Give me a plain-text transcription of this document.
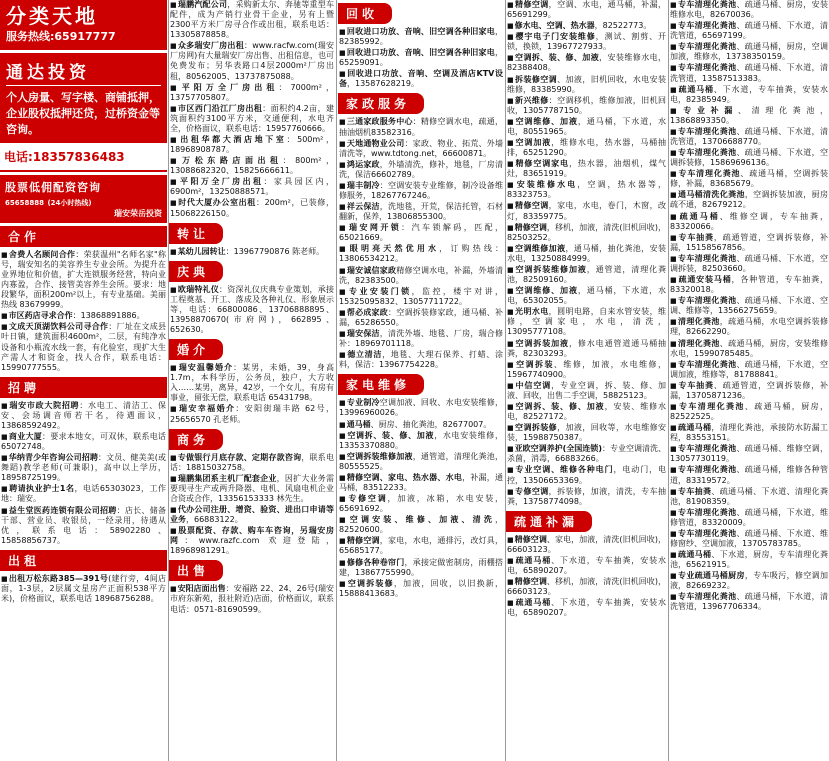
分类天地
服务热线:65917777
通达投资
个人房量、写字楼、商铺抵押，企业股权抵押还贷，过桥资金等咨询。
电话:18357836483
股票低佣配资咨询
65658888 (24小时热线)
瑞安荣岳投资
合作
■ 舍费人名顾问合作：荣获温州"名师名家"称号，瑞安知名的美容养生专业会所。为提升在业界地位和价值，扩大连锁服务经营，特向业内寡盈，合作、接管美容养生会所。要求：地段繁华，面积200m²以上，有专业基础。美丽热线 83679999。
■ 市区药店寻求合作：13868891886。
■ 文成天顶湖饮料公司寻合作：厂址在文成县叶日镇，建筑面积4600m²，二层，有纯净水设备和小瓶流水线一套，有化验室，现扩大生产需人才和资金，找人合作，联系电话：15990777555。
招聘
■ 瑞安市政大院招聘：水电工、清洁工、保安、会场调音师若干名，待遇面议，13868592492。
■ 商业大厦：要求本地女，可双休，联系电话 65072748。
■ 华纳青少年咨询公司招聘：文员、健美美(或舞蹈)教学老师(可兼职)，高中以上学历，18958725199。
■ 聘请执业护士1名，电话65303023，工作地：瑞安。
■ 益生堂医药连锁有限公司招聘：店长、储备干部、营业员、收银员，一经录用，待遇从优，联系电话：58902280、15858856737。
出租
■ 出租万松东路385—391号(建行旁，4间店面，1-3层，2层属文星房产正面积538平方米)，价格面议，联系电话 18968756288。
■ 瑞鹏汽配公司，采购新太尔、奔驰等重型车配件，成为产销行业骨干企业，另有上暨2300平方米厂房寻合作或出租，联系电话：13305878858。
■ 众多瑞安厂房出租：www.racfw.com(瑞安厂房网)有大量瑞安厂房出售、出租信息，也可免费发布；另华表路口4层2000m²厂房出租，80562005、13737875088。
■ 平阳万全厂房出租：7000m²，13757705807。
■ 市区西门沿江厂房出租：面积约4.2亩，建筑面积约3100平方米，交通便利，水电齐全，价格面议，联系电话：15957760666。
■ 出租华都大酒店地下室：500m²，18968908787。
■ 万松东路店面出租：800m²，13088682320、15825666611。
■ 平阳万全厂房出租：家具园区内，6900m²，13250888571。
■ 时代大厦办公室出租：200m²，已装修，15068226150。
转让
■ 某幼儿园转让：13967790876 陈老师。
庆典
■ 欧瑞特礼仪：资深礼仪庆典专业策划，承接工程奠基、开工、落成及各种礼仪、形象展示等，电话：66800086、13706888895、13958870670(市府网)，662895、652630。
婚介
■ 瑞安温馨婚介：某男，未婚，39，身高1.7m，本科学历，公务员，独户，大方收入……某男，离异，42岁，一个女儿，有房有事业，留张无偿，联系电话 65431798。
■ 瑞安幸福婚介：安阳街瑞丰路 62号，25656570 孔老师。
商务
■ 专做银行月底存款、定期存款咨询，联系电话：18815032758。
■ 瑞鹏集团系主机厂配套企业，因扩大业务需要现寻生产或两升降器、电机、风扇电机企业合资或合作，13356153333 林先生。
■ 代办公司注册、增资、验资、进出口申请等业务，66883122。
■ 股票配资、存款、购车车咨询，另瑞安房网：www.razfc.com 欢迎登陆，18968981291。
出售
■ 安阳店面出售：安福路 22、24、26号(瑞安市府东新苑，报社附近)店面，价格面议，联系电话：0571-81690599。
回收
■ 回收进口功放、音响、旧空调各种旧家电，82385992。
■ 回收进口功放、音响、旧空调各种旧家电，65259091。
■ 回收进口功放、音响、空调及酒店KTV设备，13587628219。
家政服务
■ 三通家政服务中心：精修空调水电，疏通，抽油烟机83582316。
■ 天地通物业公司：家政、物业、拓荒、外墙清洗等，www.tdtong.net，66600871。
■ 鸿运家政，外墙清洗，修补，地毯，厂房清洗，保洁66602789。
■ 瑞丰制冷：空调安装专业维修，制冷设备维修服务，18267767246。
■ 祥云保洁，洗地毯，开荒，保洁托管，石材翻新，保养，13806855300。
■ 瑞安网开锁：汽车锁解码，匹配，65021669。
■ 眼明亮天然优用水，订购热线：13806534212。
■ 瑞安诚信家政精修空调水电，补漏，外墙清洗，82383500。
■ 专业安装门锁，监控，楼宇对讲，15325095832、13057711722。
■ 帮必成家政：空调拆装修家政，通马桶、补漏，65286550。
■ 瑞安保洁，清洗外墙、地毯、厂房，瑞合修补：18969701118。
■ 德立清洁，地毯、大理石保养、打蜡、涂料，保洁：13967754228。
家电维修
■ 专业制冷空调加液、回收、水电安装维修，13996960026。
■ 通马桶、厨房、抽化粪池，82677007。
■ 空调拆、装、修、加液，水电安装维修，13353370880。
■ 空调拆装维修加液，通管道，清理化粪池，80555525。
■ 精修空调、家电、热水器、水电，补漏，通马桶，83512233。
■ 专修空调，加液，冰箱，水电安装，65691692。
■ 空调安装、维修、加液、清洗，82520600。
■ 精修空调，家电，水电，通排污，改灯具，65685177。
■ 修修各种卷帘门，承接定做密制房，雨棚搭建，13867755990。
■ 空调拆装修，加液，回收，以旧换新，15888413683。
■ 精修空调，空调、水电，通马桶，补漏，65691299。
■ 修水电、空调、热水器，82522773。
■ 樱宇电子门安装维修，测试、割剪、开锁，换锁，13967727933。
■ 空调拆、装、修、加液，安装维修水电，82388408。
■ 拆装修空调、加液，旧机回收，水电安装维修，83385990。
■ 新兴维修：空调移机，维修加液，旧机回收，13057787150。
■ 空调维修、加液，通马桶，下水道，水电，80551965。
■ 空调加液，维修水电，热水器，马桶抽排，65251290。
■ 精修空调家电，热水器，油烟机，煤气灶，83651919。
■ 安装维修水电，空调，热水器等，83323753。
■ 精修空调，家电，水电，卷门，木窗，改灯，83359775。
■ 精修空调，移机，加液，清洗(旧机回收)，82503252。
■ 空调维修加液，通马桶，抽化粪池，安装水电，13250884999。
■ 空调拆装维修加液，通管道，清理化粪池，82509160。
■ 空调维修、加液，通马桶，下水道，水电，65302055。
■ 光明水电，圆明电路，自来水管安装，维修，空调家电，水电，清洗，13095777108。
■ 空调拆装加液，修水电通管道通马桶抽粪，82303293。
■ 空调拆装、维修，加液，水电维修，15967740900。
■ 中信空调，专业空调，拆、装、修、加液、回收，出售二手空调，58825123。
■ 空调拆、装、修、加液，安装、维修水电，82527172。
■ 空调拆装修，加液，回收等，水电维修安装，15988750387。
■ 亚欧空调养护(全国连锁)：专业空调清洗、杀菌，消毒，66883266。
■ 专业空调、维修各种电门，电动门，电控，13506653369。
■ 专修空调，拆装修，加液，清洗，专车抽粪，13758774098。
疏通补漏
■ 精修空调、家电，加液，清洗(旧机回收)，66603123。
■ 疏通马桶、下水道，专车抽粪，安装水电，65890207。
■ 精修空调、移机，加液，清洗(旧机回收)，66603123。
■ 疏通马桶、下水道，专车抽粪，安装水电，65890207。
■ 专车清理化粪池、疏通马桶、厨房，安装维修水电，82670036。
■ 专车清理化粪池、疏通马桶、下水道，清洗管道，65697199。
■ 专车清理化粪池、疏通马桶，厨房，空调加液，维修水，13738350159。
■ 专车清理化粪池、疏通马桶、下水道，清洗管道，13587513383。
■ 疏通马桶、下水道，专车抽粪，安装水电，82385949。
■ 专业补漏、清理化粪池，13868893350。
■ 专车清理化粪池、疏通马桶、下水道，清洗管道，13706688770。
■ 专车清理化粪池、疏通马桶、下水道，空调拆装修，15869696136。
■ 专车清理化粪池、疏通马桶，空调拆装修，补漏，83685679。
■ 通马桶清洗化粪池，空调拆装加液，厨房疏不通，82679212。
■ 疏通马桶、维修空调，专车抽粪，83320066。
■ 专车抽粪，疏通管道，空调拆装修，补漏，15158567856。
■ 专车清理化粪池、疏通马桶、下水道，空调拆装，82503660。
■ 疏通安装马桶，各种管道，专车抽粪，83320018。
■ 专车清理化粪池、疏通马桶、下水道、空调、维修等，13566275659。
■ 清理化粪池，疏通马桶，水电空调拆装修理，82662290。
■ 清理化粪池、疏通马桶，厨房，安装维修水电，15990785485。
■ 专车清理化粪池、疏通马桶，下水道，空调加液，维修等，81788841。
■ 专车抽粪、疏通管道，空调拆装修，补漏，13705871236。
■ 专车清理化粪池、疏通马桶，厨房，82522525。
■ 疏通马桶，清理化粪池，承接防水防漏工程，83553151。
■ 专车清理化粪池、疏通马桶、维修空调，13057730119。
■ 专车清理化粪池、疏通马桶，维修各种管道，83319572。
■ 专车抽粪、疏通马桶、下水道、清理化粪池，81908359。
■ 专车清理化粪池、疏通马桶，下水道，维修管道，83320009。
■ 专车清理化粪池、疏通马桶、下水道、维修窗纱、空调加液，13705783785。
■ 疏通马桶、下水道，厨房，专车清理化粪池，65621915。
■ 专业疏通马桶厨房，专车吸污，修空调加液，82669232。
■ 专车清理化粪池、疏通马桶，下水道，清洗管道，13967706334。
